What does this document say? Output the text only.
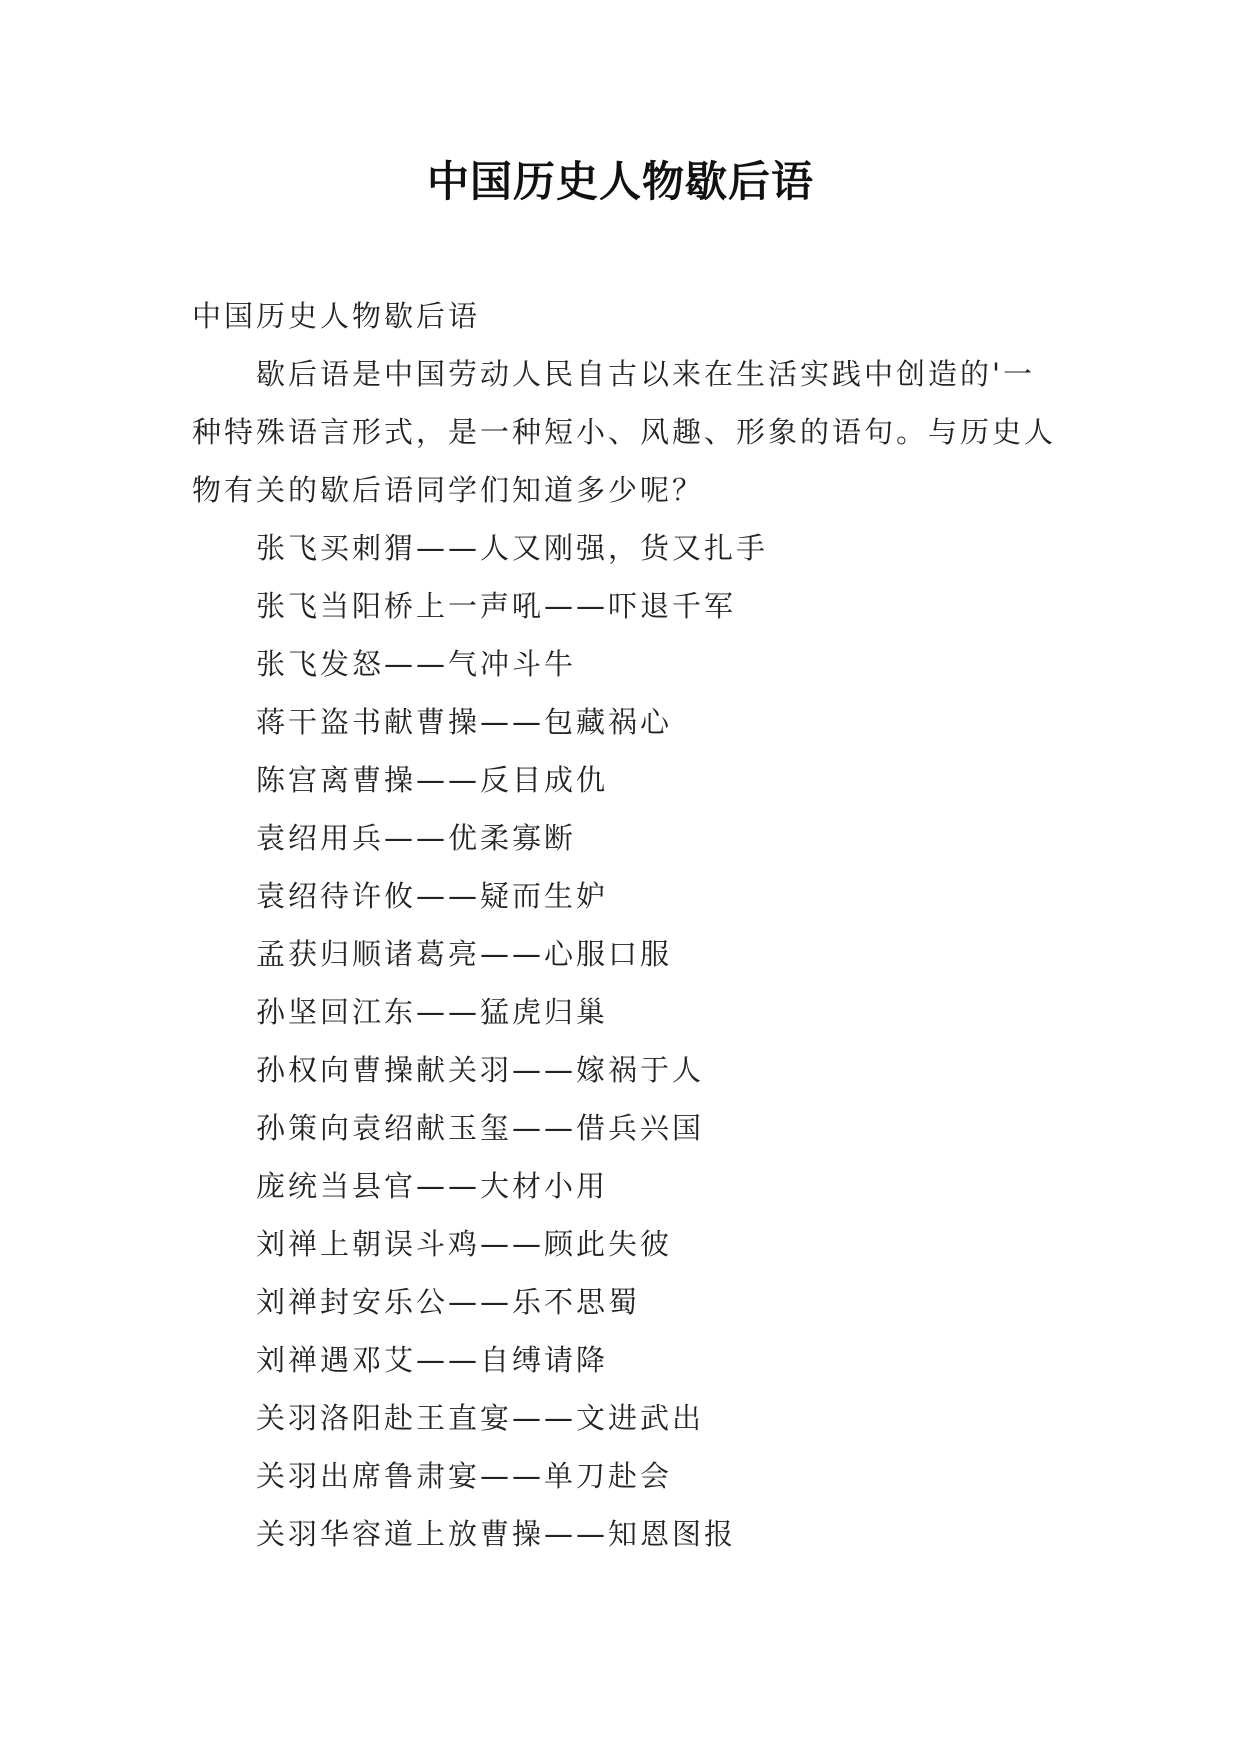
中国历史人物歇后语

中国历史人物歇后语

歇后语是中国劳动人民自古以来在生活实践中创造的'一种特殊语言形式，是一种短小、风趣、形象的语句。与历史人物有关的歇后语同学们知道多少呢？

张飞买刺猬——人又刚强，货又扎手
张飞当阳桥上一声吼——吓退千军
张飞发怒——气冲斗牛
蒋干盗书献曹操——包藏祸心
陈宫离曹操——反目成仇
袁绍用兵——优柔寡断
袁绍待许攸——疑而生妒
孟获归顺诸葛亮——心服口服
孙坚回江东——猛虎归巢
孙权向曹操献关羽——嫁祸于人
孙策向袁绍献玉玺——借兵兴国
庞统当县官——大材小用
刘禅上朝误斗鸡——顾此失彼
刘禅封安乐公——乐不思蜀
刘禅遇邓艾——自缚请降
关羽洛阳赴王直宴——文进武出
关羽出席鲁肃宴——单刀赴会
关羽华容道上放曹操——知恩图报
